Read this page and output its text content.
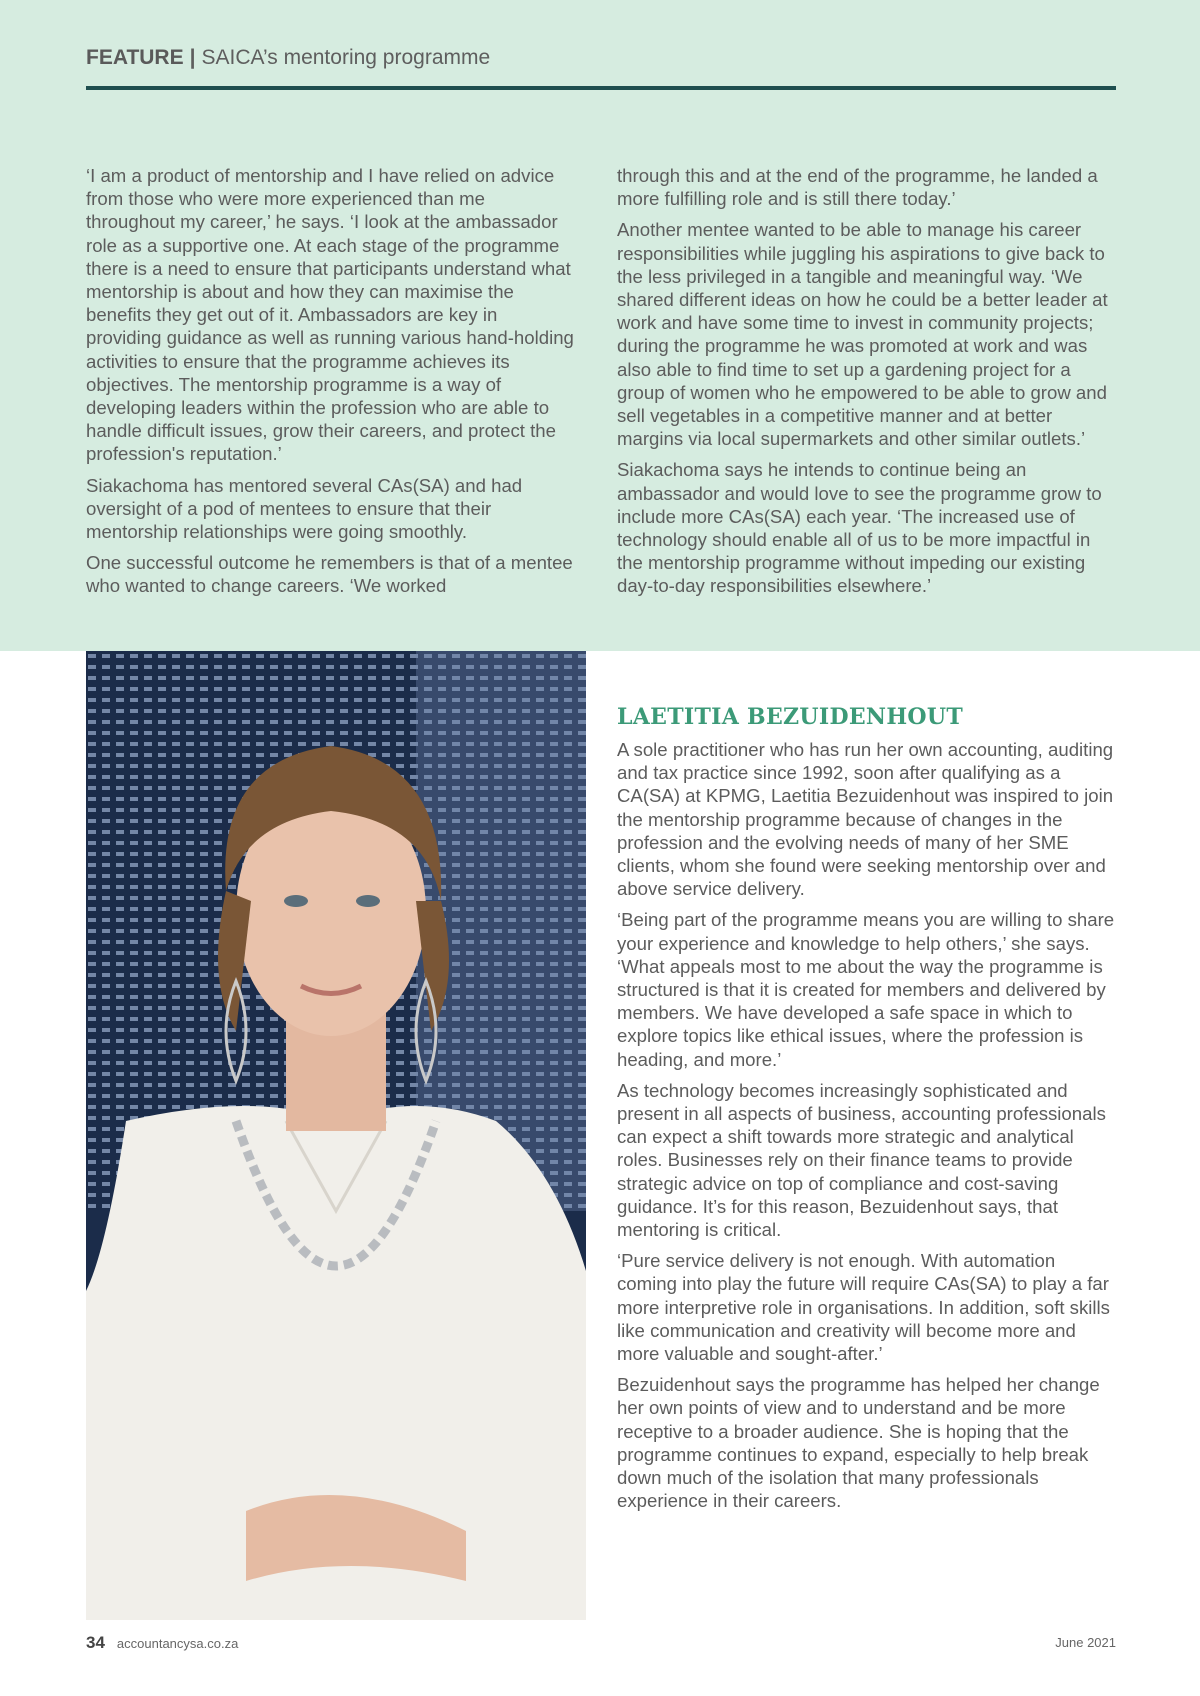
FEATURE | SAICA’s mentoring programme

‘I am a product of mentorship and I have relied on advice from those who were more experienced than me throughout my career,’ he says. ‘I look at the ambassador role as a supportive one. At each stage of the programme there is a need to ensure that participants understand what mentorship is about and how they can maximise the benefits they get out of it. Ambassadors are key in providing guidance as well as running various hand-holding activities to ensure that the programme achieves its objectives. The mentorship programme is a way of developing leaders within the profession who are able to handle difficult issues, grow their careers, and protect the profession's reputation.’

Siakachoma has mentored several CAs(SA) and had oversight of a pod of mentees to ensure that their mentorship relationships were going smoothly.

One successful outcome he remembers is that of a mentee who wanted to change careers. ‘We worked

through this and at the end of the programme, he landed a more fulfilling role and is still there today.’

Another mentee wanted to be able to manage his career responsibilities while juggling his aspirations to give back to the less privileged in a tangible and meaningful way. ‘We shared different ideas on how he could be a better leader at work and have some time to invest in community projects; during the programme he was promoted at work and was also able to find time to set up a gardening project for a group of women who he empowered to be able to grow and sell vegetables in a competitive manner and at better margins via local supermarkets and other similar outlets.’

Siakachoma says he intends to continue being an ambassador and would love to see the programme grow to include more CAs(SA) each year. ‘The increased use of technology should enable all of us to be more impactful in the mentorship programme without impeding our existing day-to-day responsibilities elsewhere.’

LAETITIA BEZUIDENHOUT

A sole practitioner who has run her own accounting, auditing and tax practice since 1992, soon after qualifying as a CA(SA) at KPMG, Laetitia Bezuidenhout was inspired to join the mentorship programme because of changes in the profession and the evolving needs of many of her SME clients, whom she found were seeking mentorship over and above service delivery.

‘Being part of the programme means you are willing to share your experience and knowledge to help others,’ she says. ‘What appeals most to me about the way the programme is structured is that it is created for members and delivered by members. We have developed a safe space in which to explore topics like ethical issues, where the profession is heading, and more.’

As technology becomes increasingly sophisticated and present in all aspects of business, accounting professionals can expect a shift towards more strategic and analytical roles. Businesses rely on their finance teams to provide strategic advice on top of compliance and cost-saving guidance. It’s for this reason, Bezuidenhout says, that mentoring is critical.

‘Pure service delivery is not enough. With automation coming into play the future will require CAs(SA) to play a far more interpretive role in organisations. In addition, soft skills like communication and creativity will become more and more valuable and sought-after.’

Bezuidenhout says the programme has helped her change her own points of view and to understand and be more receptive to a broader audience. She is hoping that the programme continues to expand, especially to help break down much of the isolation that many professionals experience in their careers.

34 accountancysa.co.za	June 2021
